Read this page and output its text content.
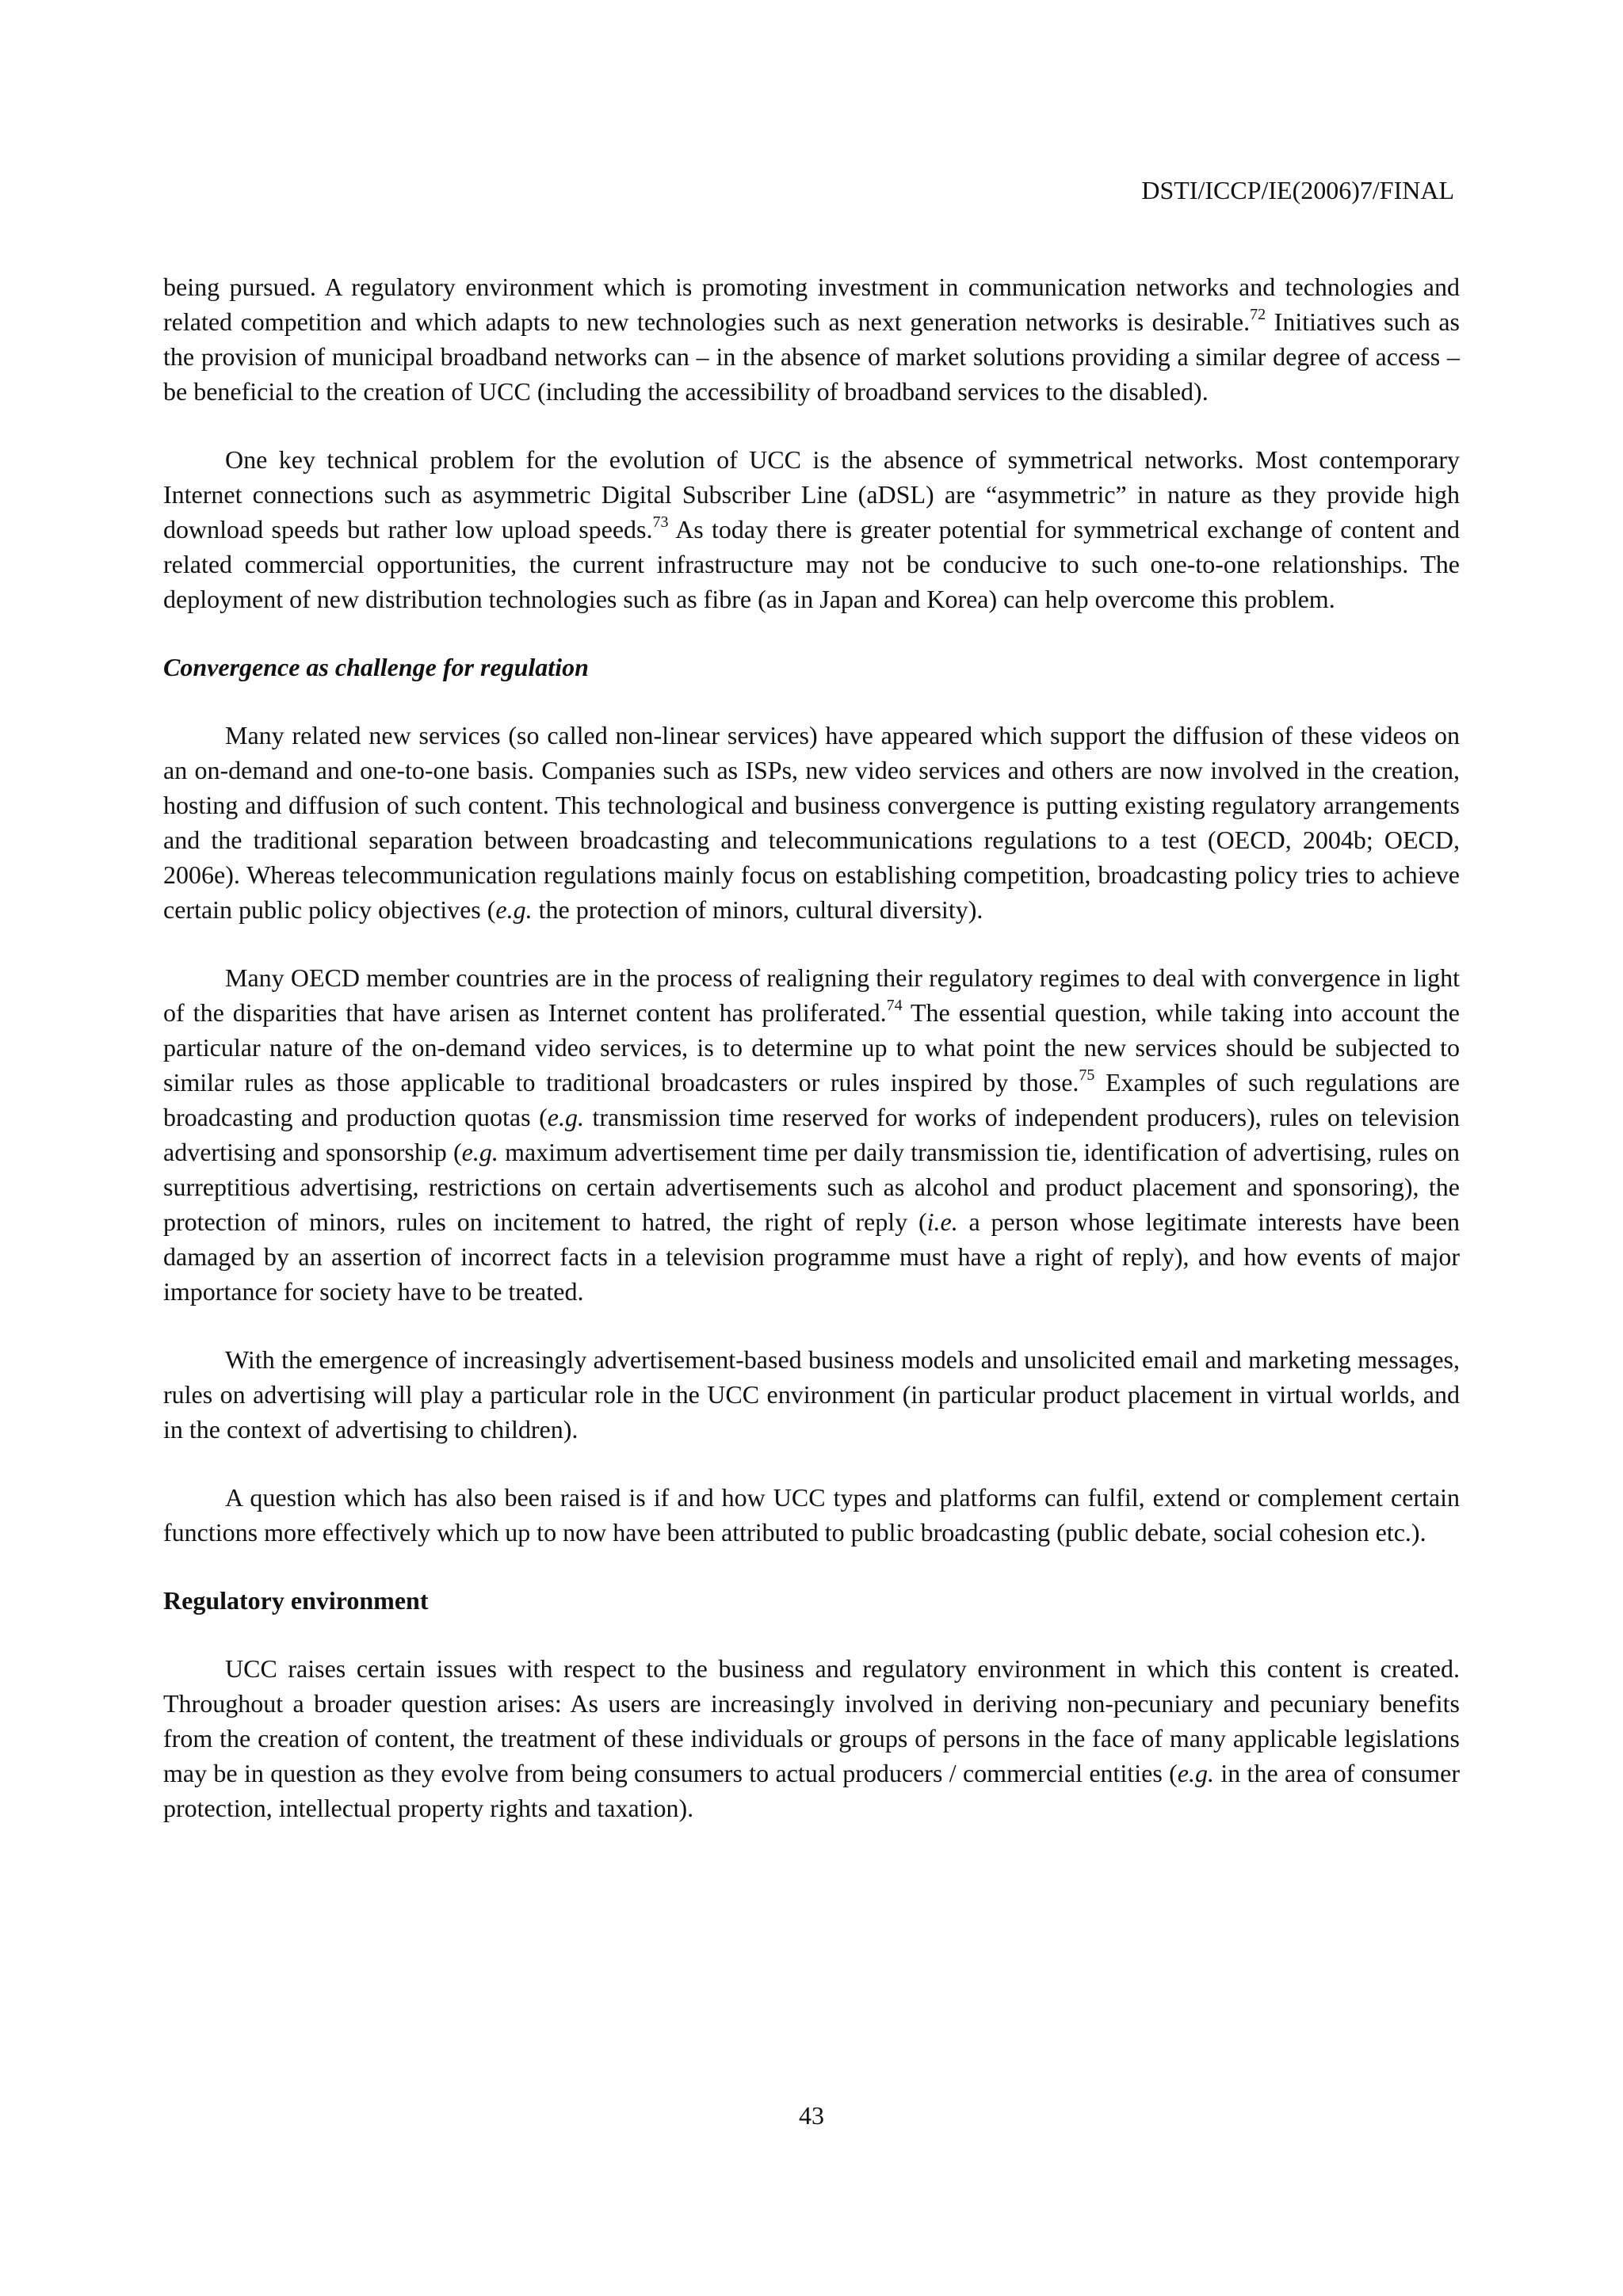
DSTI/ICCP/IE(2006)7/FINAL

being pursued. A regulatory environment which is promoting investment in communication networks and technologies and related competition and which adapts to new technologies such as next generation networks is desirable.$^{72}$ Initiatives such as the provision of municipal broadband networks can – in the absence of market solutions providing a similar degree of access – be beneficial to the creation of UCC (including the accessibility of broadband services to the disabled).

One key technical problem for the evolution of UCC is the absence of symmetrical networks. Most contemporary Internet connections such as asymmetric Digital Subscriber Line (aDSL) are “asymmetric” in nature as they provide high download speeds but rather low upload speeds.$^{73}$ As today there is greater potential for symmetrical exchange of content and related commercial opportunities, the current infrastructure may not be conducive to such one-to-one relationships. The deployment of new distribution technologies such as fibre (as in Japan and Korea) can help overcome this problem.

Convergence as challenge for regulation

Many related new services (so called non-linear services) have appeared which support the diffusion of these videos on an on-demand and one-to-one basis. Companies such as ISPs, new video services and others are now involved in the creation, hosting and diffusion of such content. This technological and business convergence is putting existing regulatory arrangements and the traditional separation between broadcasting and telecommunications regulations to a test (OECD, 2004b; OECD, 2006e). Whereas telecommunication regulations mainly focus on establishing competition, broadcasting policy tries to achieve certain public policy objectives (e.g. the protection of minors, cultural diversity).

Many OECD member countries are in the process of realigning their regulatory regimes to deal with convergence in light of the disparities that have arisen as Internet content has proliferated.$^{74}$ The essential question, while taking into account the particular nature of the on-demand video services, is to determine up to what point the new services should be subjected to similar rules as those applicable to traditional broadcasters or rules inspired by those.$^{75}$ Examples of such regulations are broadcasting and production quotas (e.g. transmission time reserved for works of independent producers), rules on television advertising and sponsorship (e.g. maximum advertisement time per daily transmission tie, identification of advertising, rules on surreptitious advertising, restrictions on certain advertisements such as alcohol and product placement and sponsoring), the protection of minors, rules on incitement to hatred, the right of reply (i.e. a person whose legitimate interests have been damaged by an assertion of incorrect facts in a television programme must have a right of reply), and how events of major importance for society have to be treated.

With the emergence of increasingly advertisement-based business models and unsolicited email and marketing messages, rules on advertising will play a particular role in the UCC environment (in particular product placement in virtual worlds, and in the context of advertising to children).

A question which has also been raised is if and how UCC types and platforms can fulfil, extend or complement certain functions more effectively which up to now have been attributed to public broadcasting (public debate, social cohesion etc.).

Regulatory environment

UCC raises certain issues with respect to the business and regulatory environment in which this content is created. Throughout a broader question arises: As users are increasingly involved in deriving non-pecuniary and pecuniary benefits from the creation of content, the treatment of these individuals or groups of persons in the face of many applicable legislations may be in question as they evolve from being consumers to actual producers / commercial entities (e.g. in the area of consumer protection, intellectual property rights and taxation).

43
